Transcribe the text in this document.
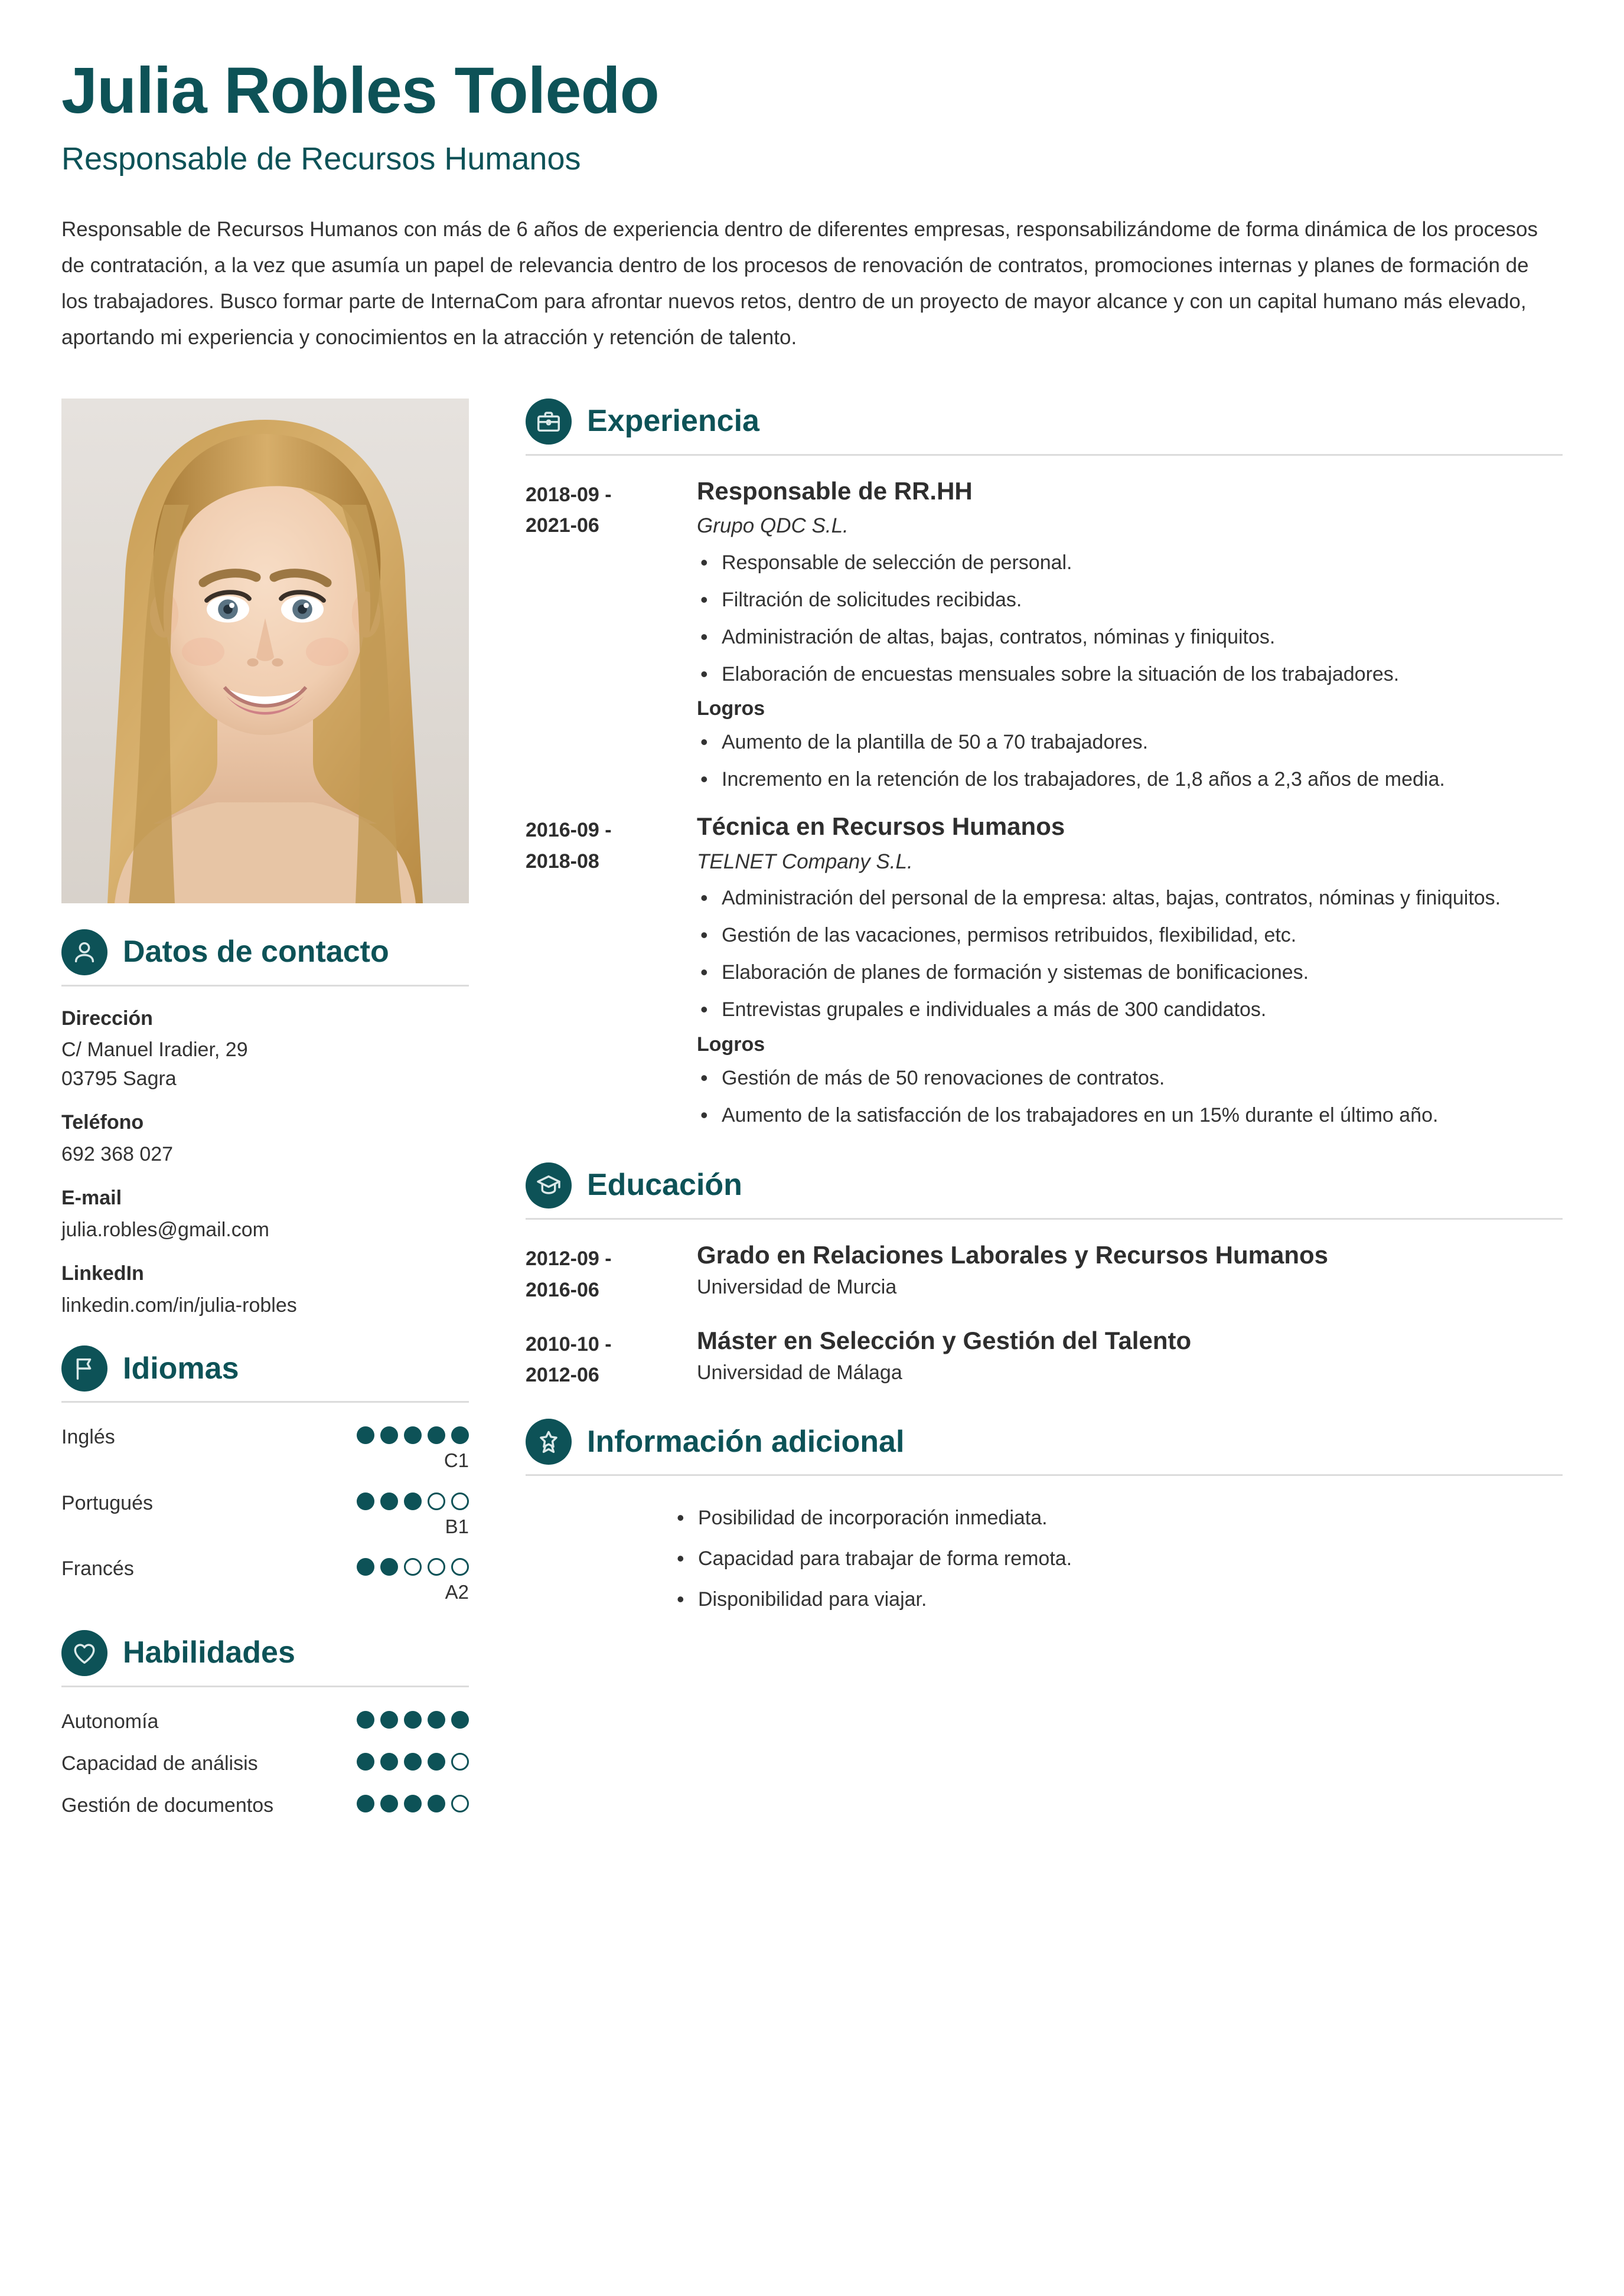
Julia Robles Toledo
Responsable de Recursos Humanos

Responsable de Recursos Humanos con más de 6 años de experiencia dentro de diferentes empresas, responsabilizándome de forma dinámica de los procesos de contratación, a la vez que asumía un papel de relevancia dentro de los procesos de renovación de contratos, promociones internas y planes de formación de los trabajadores. Busco formar parte de InternaCom para afrontar nuevos retos, dentro de un proyecto de mayor alcance y con un capital humano más elevado, aportando mi experiencia y conocimientos en la atracción y retención de talento.

Datos de contacto
Dirección
C/ Manuel Iradier, 29
03795 Sagra
Teléfono
692 368 027
E-mail
julia.robles@gmail.com
LinkedIn
linkedin.com/in/julia-robles
Idiomas
Inglés
C1
Portugués
B1
Francés
A2
Habilidades
Autonomía
Capacidad de análisis
Gestión de documentos
Experiencia
2018-09 -
2021-06
Responsable de RR.HH
Grupo QDC S.L.
• Responsable de selección de personal.
• Filtración de solicitudes recibidas.
• Administración de altas, bajas, contratos, nóminas y finiquitos.
• Elaboración de encuestas mensuales sobre la situación de los trabajadores.
Logros
• Aumento de la plantilla de 50 a 70 trabajadores.
• Incremento en la retención de los trabajadores, de 1,8 años a 2,3 años de media.
2016-09 -
2018-08
Técnica en Recursos Humanos
TELNET Company S.L.
• Administración del personal de la empresa: altas, bajas, contratos, nóminas y finiquitos.
• Gestión de las vacaciones, permisos retribuidos, flexibilidad, etc.
• Elaboración de planes de formación y sistemas de bonificaciones.
• Entrevistas grupales e individuales a más de 300 candidatos.
Logros
• Gestión de más de 50 renovaciones de contratos.
• Aumento de la satisfacción de los trabajadores en un 15% durante el último año.
Educación
2012-09 -
2016-06
Grado en Relaciones Laborales y Recursos Humanos
Universidad de Murcia
2010-10 -
2012-06
Máster en Selección y Gestión del Talento
Universidad de Málaga
Información adicional
• Posibilidad de incorporación inmediata.
• Capacidad para trabajar de forma remota.
• Disponibilidad para viajar.
